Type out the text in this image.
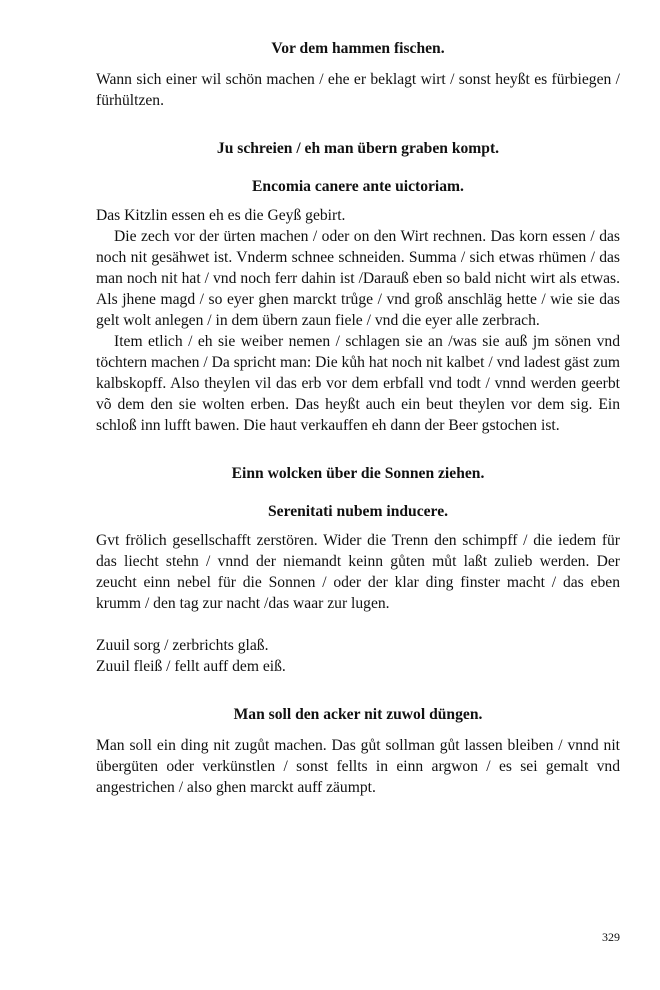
Vor dem hammen fischen.

Wann sich einer wil schön machen / ehe er beklagt wirt / sonst heyßt es fürbiegen / fürhültzen.

Ju schreien / eh man übern graben kompt.

Encomia canere ante uictoriam.

Das Kitzlin essen eh es die Geyß gebirt.

Die zech vor der ürten machen / oder on den Wirt rechnen. Das korn essen / das noch nit gesähwet ist. Vnderm schnee schneiden. Summa / sich etwas rhümen / das man noch nit hat / vnd noch ferr dahin ist /Darauß eben so bald nicht wirt als etwas. Als jhene magd / so eyer ghen marckt trůge / vnd groß anschläg hette / wie sie das gelt wolt anlegen / in dem übern zaun fiele / vnd die eyer alle zerbrach.

Item etlich / eh sie weiber nemen / schlagen sie an /was sie auß jm sönen vnd töchtern machen / Da spricht man: Die kůh hat noch nit kalbet / vnd ladest gäst zum kalbskopff. Also theylen vil das erb vor dem erbfall vnd todt / vnnd werden geerbt võ dem den sie wolten erben. Das heyßt auch ein beut theylen vor dem sig. Ein schloß inn lufft bawen. Die haut verkauffen eh dann der Beer gstochen ist.

Einn wolcken über die Sonnen ziehen.

Serenitati nubem inducere.

Gvt frölich gesellschafft zerstören. Wider die Trenn den schimpff / die iedem für das liecht stehn / vnnd der niemandt keinn gůten můt laßt zulieb werden. Der zeucht einn nebel für die Sonnen / oder der klar ding finster macht / das eben krumm / den tag zur nacht /das waar zur lugen.

Zuuil sorg / zerbrichts glaß.

Zuuil fleiß / fellt auff dem eiß.

Man soll den acker nit zuwol düngen.

Man soll ein ding nit zugůt machen. Das gůt sollman gůt lassen bleiben / vnnd nit übergüten oder verkünstlen / sonst fellts in einn argwon / es sei gemalt vnd angestrichen / also ghen marckt auff zäumpt.

329
